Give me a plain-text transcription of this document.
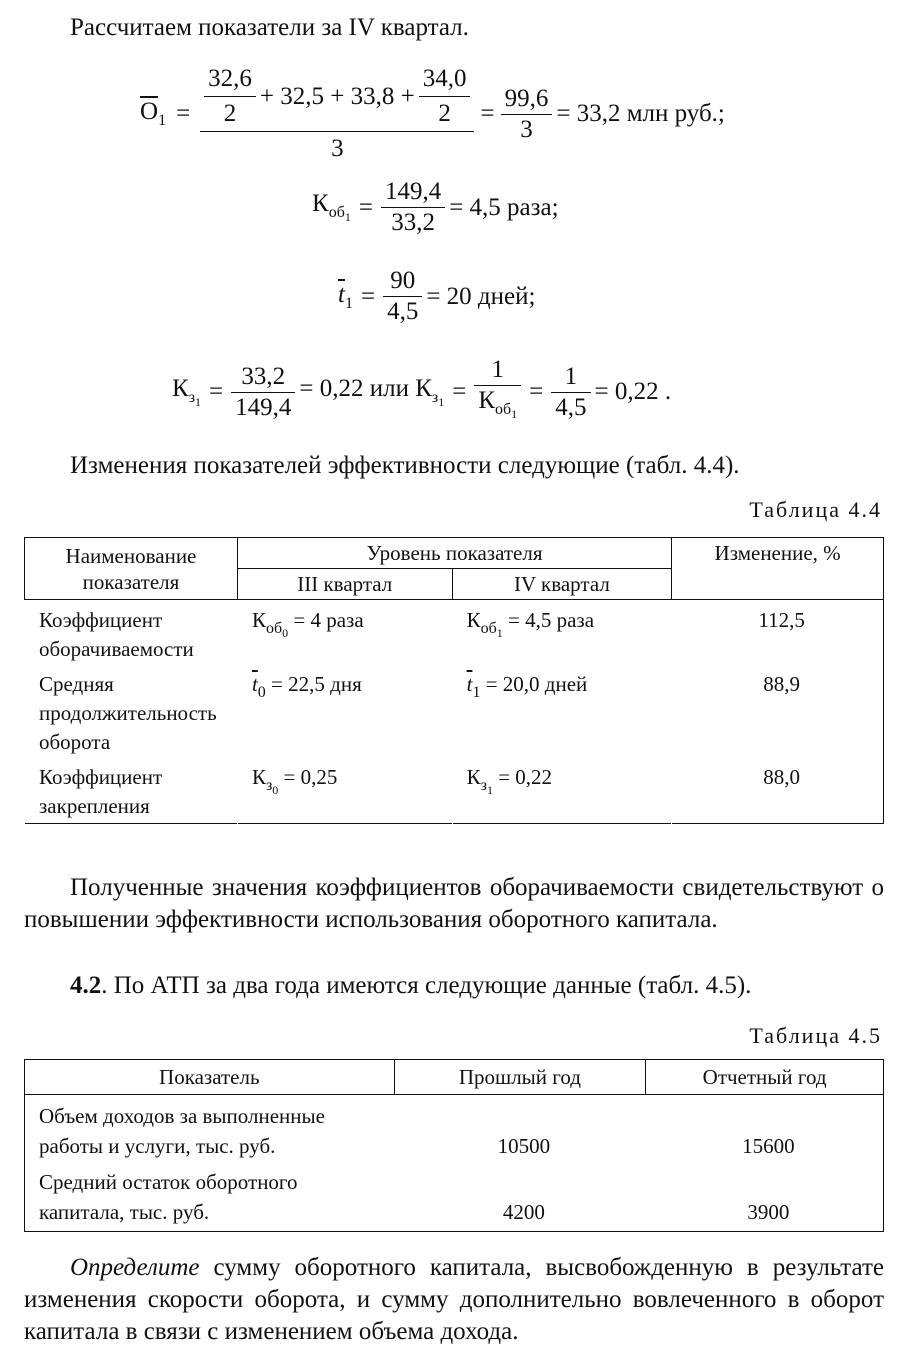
Рассчитаем показатели за IV квартал.
$\overline{O}_1 = \frac{\frac{32,6}{2} + 32,5 + 33,8 + \frac{34,0}{2}}{3} = \frac{99,6}{3} = 33,2$ млн руб.;
$К_{об_1} = \frac{149,4}{33,2} = 4,5$ раза;
$\overline{t}_1 = \frac{90}{4,5} = 20$ дней;
$К_{з_1} = \frac{33,2}{149,4} = 0,22$ или $К_{з_1} = \frac{1}{К_{об_1}} = \frac{1}{4,5} = 0,22$ .
Изменения показателей эффективности следующие (табл. 4.4).
Таблица 4.4
Наименование показателя	Уровень показателя		Изменение, %
	III квартал	IV квартал	
Коэффициент оборачиваемости	$К_{об_0} = 4$ раза	$К_{об_1} = 4,5$ раза	112,5
Средняя продолжительность оборота	$\overline{t}_0 = 22,5$ дня	$\overline{t}_1 = 20,0$ дней	88,9
Коэффициент закрепления	$К_{з_0} = 0,25$	$К_{з_1} = 0,22$	88,0
Полученные значения коэффициентов оборачиваемости свидетельствуют о повышении эффективности использования оборотного капитала.
4.2. По АТП за два года имеются следующие данные (табл. 4.5).
Таблица 4.5
Показатель	Прошлый год	Отчетный год
Объем доходов за выполненные работы и услуги, тыс. руб.	10500	15600
Средний остаток оборотного капитала, тыс. руб.	4200	3900
Определите сумму оборотного капитала, высвобожденную в результате изменения скорости оборота, и сумму дополнительно вовлеченного в оборот капитала в связи с изменением объема дохода.
